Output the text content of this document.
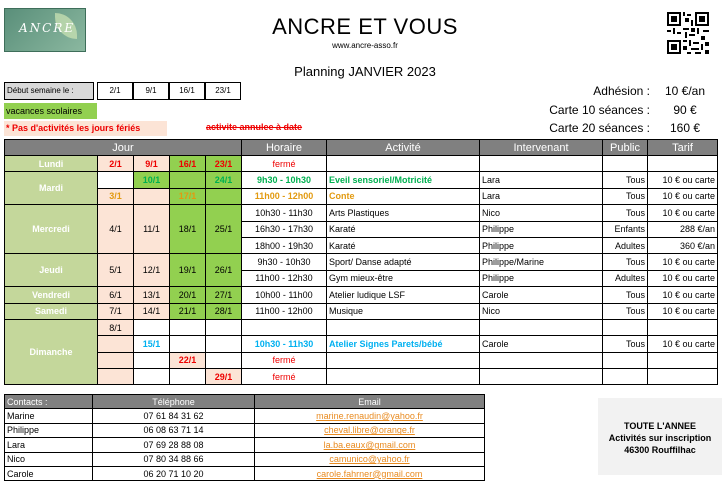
ANCRE	ANCRE ET VOUS
www.ancre-asso.fr
Planning JANVIER 2023
Début semaine le :	2/1	9/1	16/1	23/1
vacances scolaires
* Pas d'activités les jours fériés	activite annulee à date
Adhésion :	10 €/an
Carte 10 séances :	90 €
Carte 20 séances :	160 €
Jour					Horaire	Activité	Intervenant	Public	Tarif
Lundi	2/1	9/1	16/1	23/1	fermé				
Mardi		10/1		24/1	9h30 - 10h30	Eveil sensoriel/Motricité	Lara	Tous	10 € ou carte
	3/1		17/1		11h00 - 12h00	Conte	Lara	Tous	10 € ou carte
Mercredi	4/1	11/1	18/1	25/1	10h30 - 11h30	Arts Plastiques	Nico	Tous	10 € ou carte
					16h30 - 17h30	Karaté	Philippe	Enfants	288 €/an
					18h00 - 19h30	Karaté	Philippe	Adultes	360 €/an
Jeudi	5/1	12/1	19/1	26/1	9h30 - 10h30	Sport/ Danse adapté	Philippe/Marine	Tous	10 € ou carte
					11h00 - 12h30	Gym mieux-être	Philippe	Adultes	10 € ou carte
Vendredi	6/1	13/1	20/1	27/1	10h00 - 11h00	Atelier ludique LSF	Carole	Tous	10 € ou carte
Samedi	7/1	14/1	21/1	28/1	11h00 - 12h00	Musique	Nico	Tous	10 € ou carte
Dimanche	8/1								
		15/1			10h30 - 11h30	Atelier Signes Parets/bébé	Carole	Tous	10 € ou carte
			22/1		fermé				
				29/1	fermé				
Contacts :	Téléphone	Email
Marine	07 61 84 31 62	marine.renaudin@yahoo.fr
Philippe	06 08 63 71 14	cheval.libre@orange.fr
Lara	07 69 28 88 08	la.ba.eaux@gmail.com
Nico	07 80 34 88 66	camunico@yahoo.fr
Carole	06 20 71 10 20	carole.fahrner@gmail.com
TOUTE L'ANNEE
Activités sur inscription
46300 Rouffilhac
